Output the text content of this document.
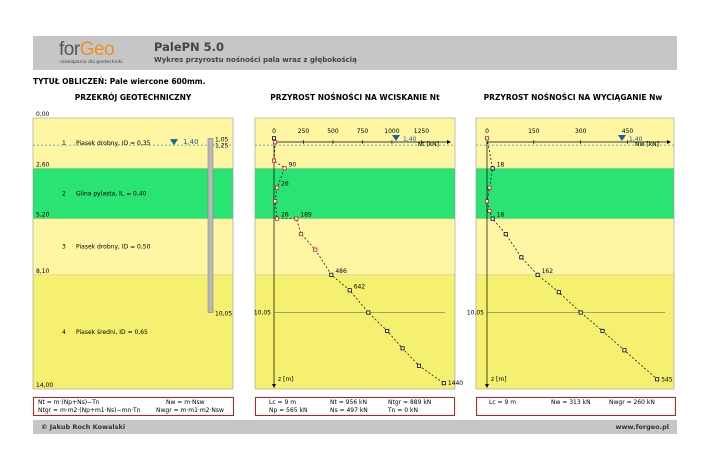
forGeo
rozwiązania dla geotechniki
PalePN 5.0
Wykres przyrostu nośności pala wraz z głębokością
TYTUŁ OBLICZEŃ: Pale wiercone 600mm.
PRZEKRÓJ GEOTECHNICZNY	PRZYROST NOŚNOŚCI NA WCISKANIE Nt	PRZYROST NOŚNOŚCI NA WYCIĄGANIE Nw
0,00
2,60
5,20
8,10
14,00
1 Piasek drobny, ID = 0,35
2 Glina pylasta, IL = 0,40
3 Piasek drobny, ID = 0,50
4 Piasek średni, ID = 0,65
1,40	1,05
1,25
10,05
0	250	500	750	1000 1250
Nt [kN]
z [m]
1,40
10,05
90
26
26 189
486
642
1440
0	150	300	450
Nw [kN]
z [m]
1,40
10,05
18
18
162
545
Nt = m·(Np+Ns)−Tn	Nw = m·Nsw
Ntgr = m·m2·(Np+m1·Ns)−mn·Tn	Nwgr = m·m1·m2·Nsw
Lc = 9 m	Nt = 956 kN	Ntgr = 889 kN
Np = 565 kN	Ns = 497 kN	Tn = 0 kN
Lc = 9 m	Nw = 313 kN	Nwgr = 260 kN
© Jakub Roch Kowalski	www.forgeo.pl
